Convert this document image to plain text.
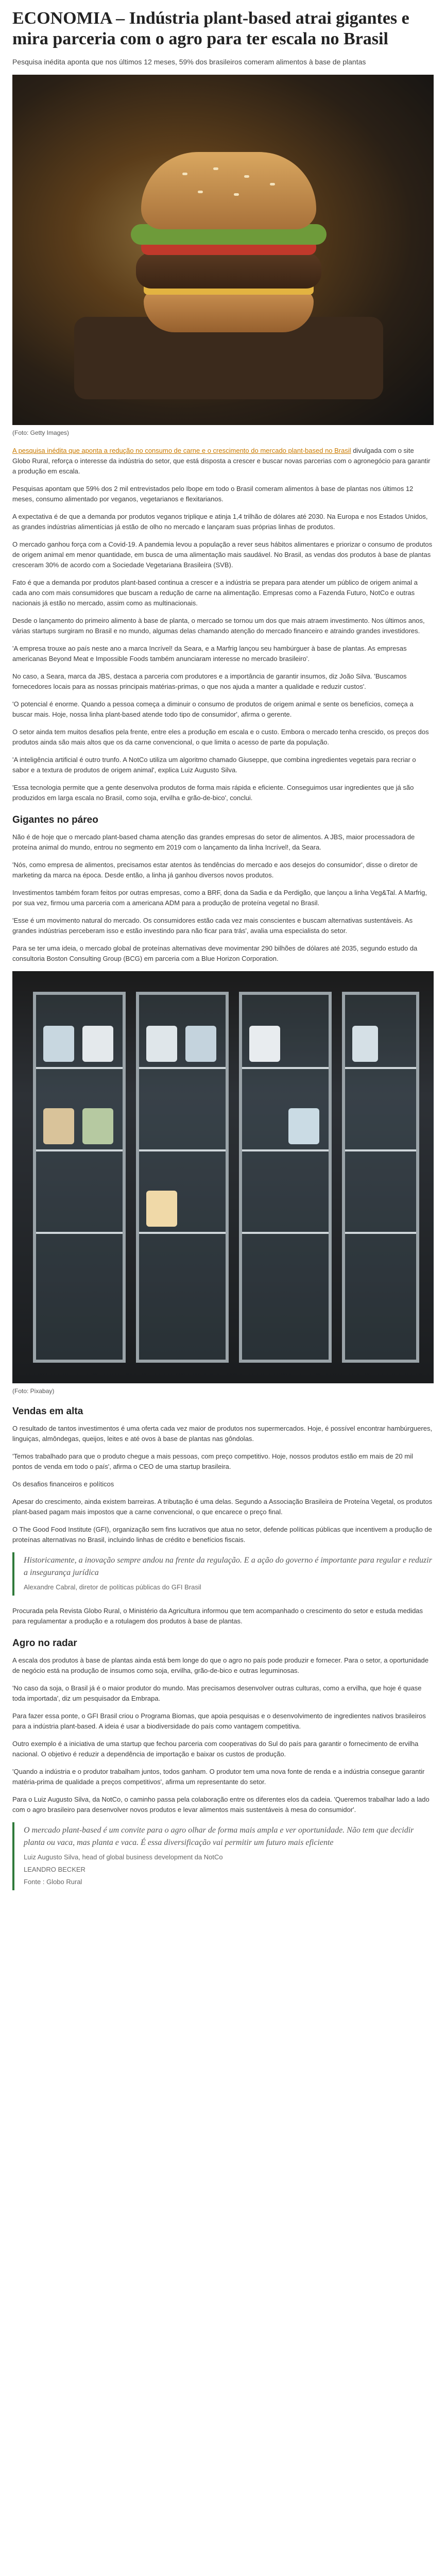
ECONOMIA – Indústria plant-based atrai gigantes e mira parceria com o agro para ter escala no Brasil

Pesquisa inédita aponta que nos últimos 12 meses, 59% dos brasileiros comeram alimentos à base de plantas

(Foto: Getty Images)

A pesquisa inédita que aponta a redução no consumo de carne e o crescimento do mercado plant-based no Brasil divulgada com o site Globo Rural, reforça o interesse da indústria do setor, que está disposta a crescer e buscar novas parcerias com o agronegócio para garantir a produção em escala.

Pesquisas apontam que 59% dos 2 mil entrevistados pelo Ibope em todo o Brasil comeram alimentos à base de plantas nos últimos 12 meses, consumo alimentado por veganos, vegetarianos e flexitarianos.

A expectativa é de que a demanda por produtos veganos triplique e atinja 1,4 trilhão de dólares até 2030. Na Europa e nos Estados Unidos, as grandes indústrias alimentícias já estão de olho no mercado e lançaram suas próprias linhas de produtos.

O mercado ganhou força com a Covid-19. A pandemia levou a população a rever seus hábitos alimentares e priorizar o consumo de produtos de origem animal em menor quantidade, em busca de uma alimentação mais saudável. No Brasil, as vendas dos produtos à base de plantas cresceram 30% de acordo com a Sociedade Vegetariana Brasileira (SVB).

Fato é que a demanda por produtos plant-based continua a crescer e a indústria se prepara para atender um público de origem animal a cada ano com mais consumidores que buscam a redução de carne na alimentação. Empresas como a Fazenda Futuro, NotCo e outras nacionais já estão no mercado, assim como as multinacionais.

Desde o lançamento do primeiro alimento à base de planta, o mercado se tornou um dos que mais atraem investimento. Nos últimos anos, várias startups surgiram no Brasil e no mundo, algumas delas chamando atenção do mercado financeiro e atraindo grandes investidores.

'A empresa trouxe ao país neste ano a marca Incrível! da Seara, e a Marfrig lançou seu hambúrguer à base de plantas. As empresas americanas Beyond Meat e Impossible Foods também anunciaram interesse no mercado brasileiro'.

No caso, a Seara, marca da JBS, destaca a parceria com produtores e a importância de garantir insumos, diz João Silva. 'Buscamos fornecedores locais para as nossas principais matérias-primas, o que nos ajuda a manter a qualidade e reduzir custos'.

'O potencial é enorme. Quando a pessoa começa a diminuir o consumo de produtos de origem animal e sente os benefícios, começa a buscar mais. Hoje, nossa linha plant-based atende todo tipo de consumidor', afirma o gerente.

O setor ainda tem muitos desafios pela frente, entre eles a produção em escala e o custo. Embora o mercado tenha crescido, os preços dos produtos ainda são mais altos que os da carne convencional, o que limita o acesso de parte da população.

'A inteligência artificial é outro trunfo. A NotCo utiliza um algoritmo chamado Giuseppe, que combina ingredientes vegetais para recriar o sabor e a textura de produtos de origem animal', explica Luiz Augusto Silva.

'Essa tecnologia permite que a gente desenvolva produtos de forma mais rápida e eficiente. Conseguimos usar ingredientes que já são produzidos em larga escala no Brasil, como soja, ervilha e grão-de-bico', conclui.

Gigantes no páreo

Não é de hoje que o mercado plant-based chama atenção das grandes empresas do setor de alimentos. A JBS, maior processadora de proteína animal do mundo, entrou no segmento em 2019 com o lançamento da linha Incrível!, da Seara.

'Nós, como empresa de alimentos, precisamos estar atentos às tendências do mercado e aos desejos do consumidor', disse o diretor de marketing da marca na época. Desde então, a linha já ganhou diversos novos produtos.

Investimentos também foram feitos por outras empresas, como a BRF, dona da Sadia e da Perdigão, que lançou a linha Veg&Tal. A Marfrig, por sua vez, firmou uma parceria com a americana ADM para a produção de proteína vegetal no Brasil.

'Esse é um movimento natural do mercado. Os consumidores estão cada vez mais conscientes e buscam alternativas sustentáveis. As grandes indústrias perceberam isso e estão investindo para não ficar para trás', avalia uma especialista do setor.

Para se ter uma ideia, o mercado global de proteínas alternativas deve movimentar 290 bilhões de dólares até 2035, segundo estudo da consultoria Boston Consulting Group (BCG) em parceria com a Blue Horizon Corporation.

(Foto: Pixabay)
Vendas em alta

O resultado de tantos investimentos é uma oferta cada vez maior de produtos nos supermercados. Hoje, é possível encontrar hambúrgueres, linguiças, almôndegas, queijos, leites e até ovos à base de plantas nas gôndolas.

'Temos trabalhado para que o produto chegue a mais pessoas, com preço competitivo. Hoje, nossos produtos estão em mais de 20 mil pontos de venda em todo o país', afirma o CEO de uma startup brasileira.

Os desafios financeiros e políticos

Apesar do crescimento, ainda existem barreiras. A tributação é uma delas. Segundo a Associação Brasileira de Proteína Vegetal, os produtos plant-based pagam mais impostos que a carne convencional, o que encarece o preço final.

O The Good Food Institute (GFI), organização sem fins lucrativos que atua no setor, defende políticas públicas que incentivem a produção de proteínas alternativas no Brasil, incluindo linhas de crédito e benefícios fiscais.

Historicamente, a inovação sempre andou na frente da regulação. E a ação do governo é importante para regular e reduzir a insegurança jurídica
Alexandre Cabral, diretor de políticas públicas do GFI Brasil

Procurada pela Revista Globo Rural, o Ministério da Agricultura informou que tem acompanhado o crescimento do setor e estuda medidas para regulamentar a produção e a rotulagem dos produtos à base de plantas.

Agro no radar

A escala dos produtos à base de plantas ainda está bem longe do que o agro no país pode produzir e fornecer. Para o setor, a oportunidade de negócio está na produção de insumos como soja, ervilha, grão-de-bico e outras leguminosas.

'No caso da soja, o Brasil já é o maior produtor do mundo. Mas precisamos desenvolver outras culturas, como a ervilha, que hoje é quase toda importada', diz um pesquisador da Embrapa.

Para fazer essa ponte, o GFI Brasil criou o Programa Biomas, que apoia pesquisas e o desenvolvimento de ingredientes nativos brasileiros para a indústria plant-based. A ideia é usar a biodiversidade do país como vantagem competitiva.

Outro exemplo é a iniciativa de uma startup que fechou parceria com cooperativas do Sul do país para garantir o fornecimento de ervilha nacional. O objetivo é reduzir a dependência de importação e baixar os custos de produção.

'Quando a indústria e o produtor trabalham juntos, todos ganham. O produtor tem uma nova fonte de renda e a indústria consegue garantir matéria-prima de qualidade a preços competitivos', afirma um representante do setor.

Para o Luiz Augusto Silva, da NotCo, o caminho passa pela colaboração entre os diferentes elos da cadeia. 'Queremos trabalhar lado a lado com o agro brasileiro para desenvolver novos produtos e levar alimentos mais sustentáveis à mesa do consumidor'.

O mercado plant-based é um convite para o agro olhar de forma mais ampla e ver oportunidade. Não tem que decidir planta ou vaca, mas planta e vaca. É essa diversificação vai permitir um futuro mais eficiente
Luiz Augusto Silva, head of global business development da NotCo
LEANDRO BECKER
Fonte : Globo Rural
